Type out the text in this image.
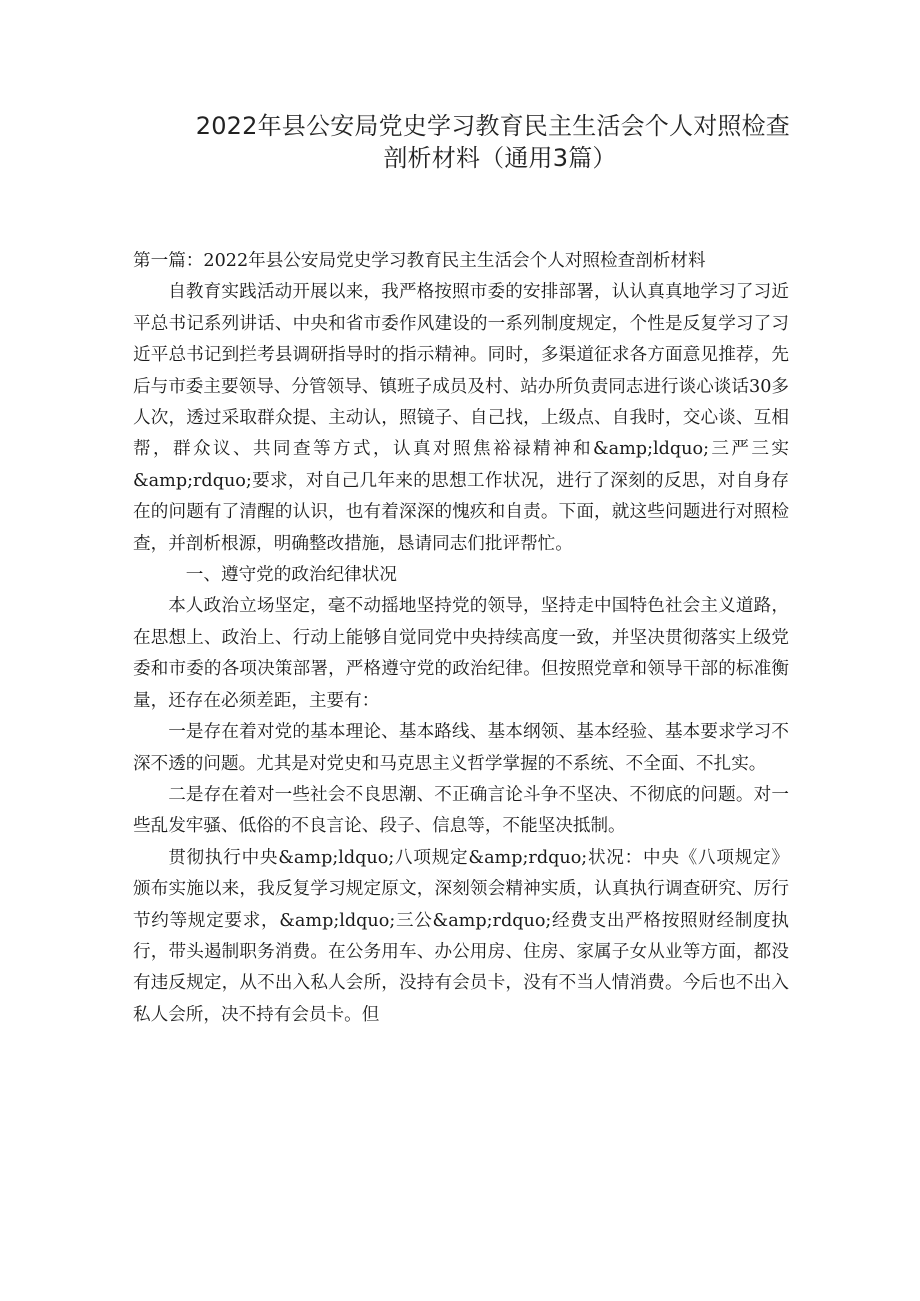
2022年县公安局党史学习教育民主生活会个人对照检查
剖析材料（通用3篇）

第一篇：2022年县公安局党史学习教育民主生活会个人对照检查剖析材料

自教育实践活动开展以来，我严格按照市委的安排部署，认认真真地学习了习近平总书记系列讲话、中央和省市委作风建设的一系列制度规定，个性是反复学习了习近平总书记到拦考县调研指导时的指示精神。同时，多渠道征求各方面意见推荐，先后与市委主要领导、分管领导、镇班子成员及村、站办所负责同志进行谈心谈话30多人次，透过采取群众提、主动认，照镜子、自己找，上级点、自我时，交心谈、互相帮，群众议、共同查等方式，认真对照焦裕禄精神和&amp;ldquo;三严三实&amp;rdquo;要求，对自己几年来的思想工作状况，进行了深刻的反思，对自身存在的问题有了清醒的认识，也有着深深的愧疚和自责。下面，就这些问题进行对照检查，并剖析根源，明确整改措施，恳请同志们批评帮忙。

一、遵守党的政治纪律状况

本人政治立场坚定，毫不动摇地坚持党的领导，坚持走中国特色社会主义道路，在思想上、政治上、行动上能够自觉同党中央持续高度一致，并坚决贯彻落实上级党委和市委的各项决策部署，严格遵守党的政治纪律。但按照党章和领导干部的标准衡量，还存在必须差距，主要有：

一是存在着对党的基本理论、基本路线、基本纲领、基本经验、基本要求学习不深不透的问题。尤其是对党史和马克思主义哲学掌握的不系统、不全面、不扎实。

二是存在着对一些社会不良思潮、不正确言论斗争不坚决、不彻底的问题。对一些乱发牢骚、低俗的不良言论、段子、信息等，不能坚决抵制。

贯彻执行中央&amp;ldquo;八项规定&amp;rdquo;状况：中央《八项规定》颁布实施以来，我反复学习规定原文，深刻领会精神实质，认真执行调查研究、厉行节约等规定要求，&amp;ldquo;三公&amp;rdquo;经费支出严格按照财经制度执行，带头遏制职务消费。在公务用车、办公用房、住房、家属子女从业等方面，都没有违反规定，从不出入私人会所，没持有会员卡，没有不当人情消费。今后也不出入私人会所，决不持有会员卡。但
